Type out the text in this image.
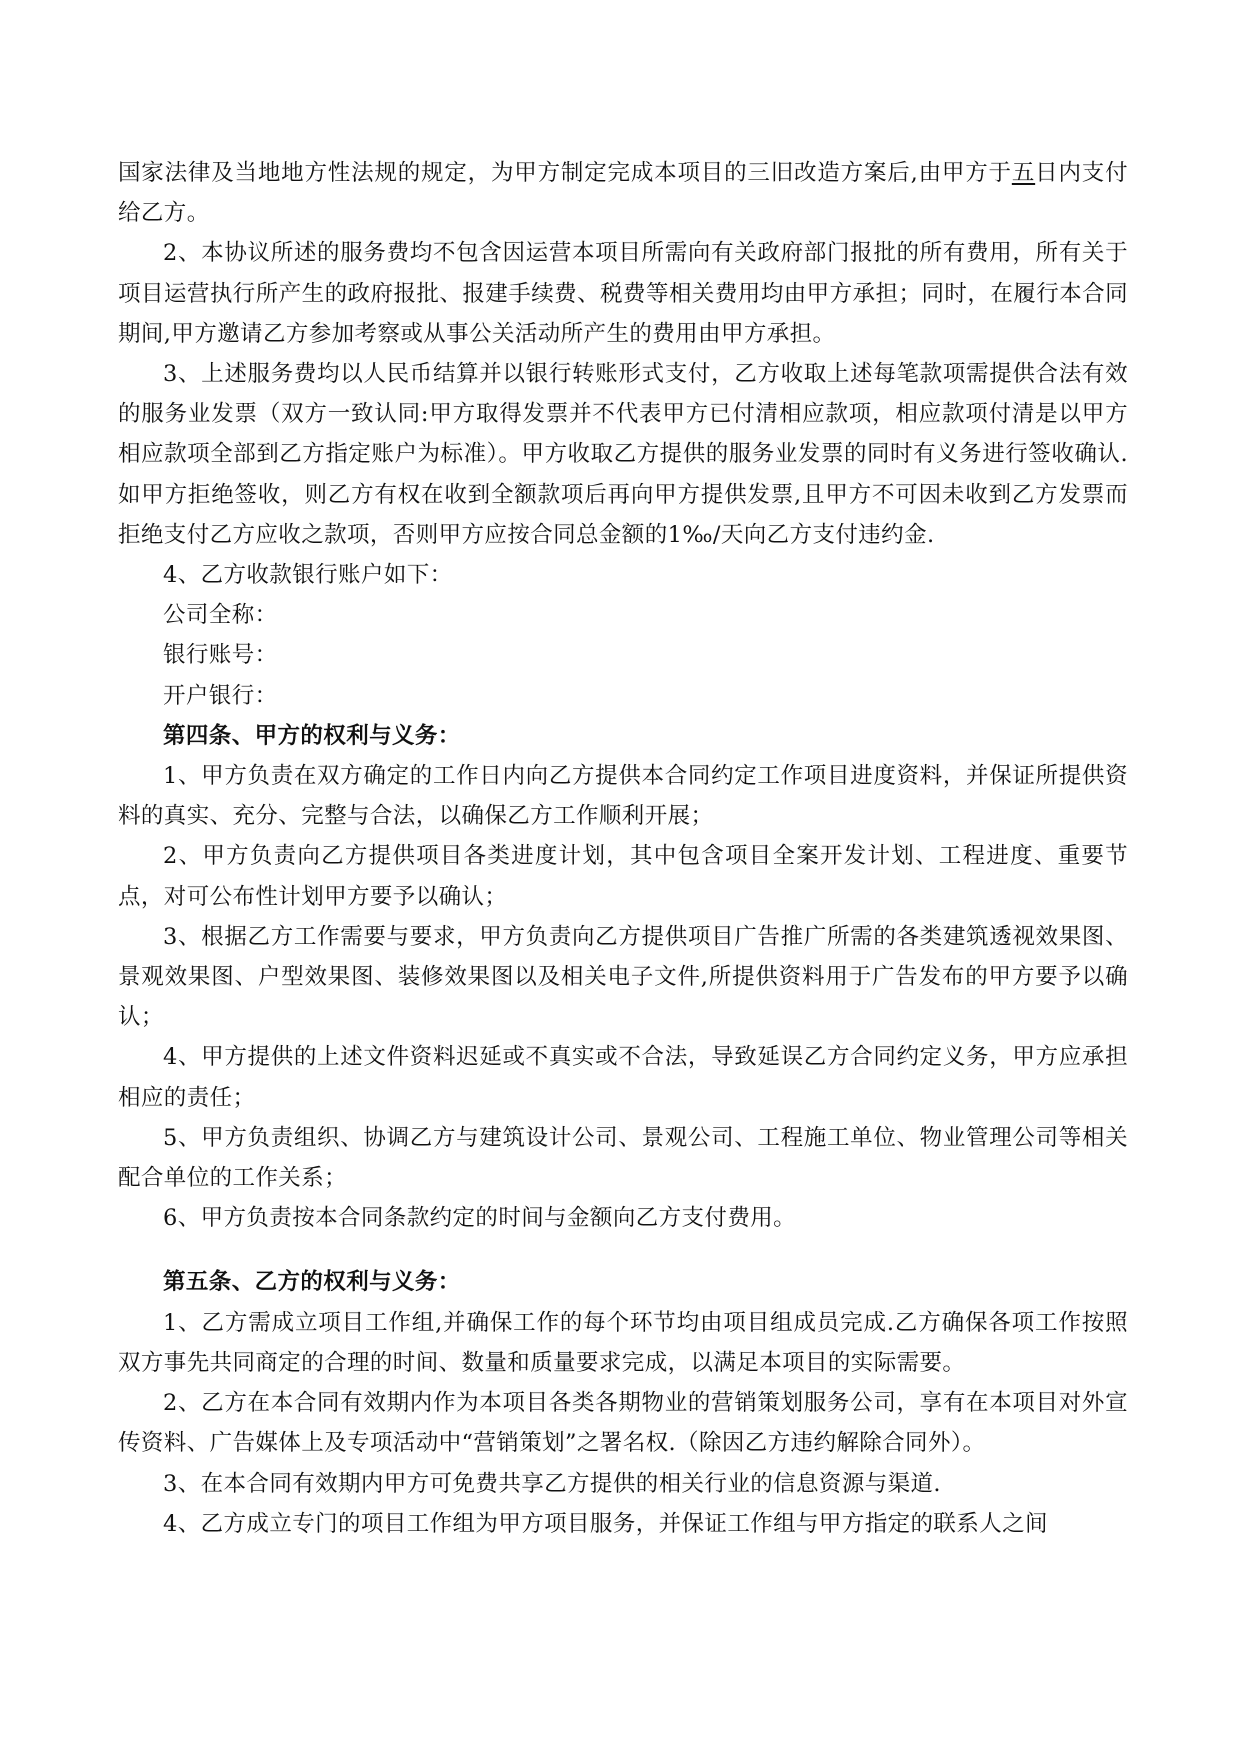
国家法律及当地地方性法规的规定，为甲方制定完成本项目的三旧改造方案后,由甲方于五日内支付给乙方。

2、本协议所述的服务费均不包含因运营本项目所需向有关政府部门报批的所有费用，所有关于项目运营执行所产生的政府报批、报建手续费、税费等相关费用均由甲方承担；同时，在履行本合同期间,甲方邀请乙方参加考察或从事公关活动所产生的费用由甲方承担。

3、上述服务费均以人民币结算并以银行转账形式支付，乙方收取上述每笔款项需提供合法有效的服务业发票（双方一致认同:甲方取得发票并不代表甲方已付清相应款项，相应款项付清是以甲方相应款项全部到乙方指定账户为标准）。甲方收取乙方提供的服务业发票的同时有义务进行签收确认.如甲方拒绝签收，则乙方有权在收到全额款项后再向甲方提供发票,且甲方不可因未收到乙方发票而拒绝支付乙方应收之款项，否则甲方应按合同总金额的1‰/天向乙方支付违约金.

4、乙方收款银行账户如下：

公司全称：

银行账号：

开户银行：

第四条、甲方的权利与义务：

1、甲方负责在双方确定的工作日内向乙方提供本合同约定工作项目进度资料，并保证所提供资料的真实、充分、完整与合法，以确保乙方工作顺利开展；

2、甲方负责向乙方提供项目各类进度计划，其中包含项目全案开发计划、工程进度、重要节点，对可公布性计划甲方要予以确认；

3、根据乙方工作需要与要求，甲方负责向乙方提供项目广告推广所需的各类建筑透视效果图、景观效果图、户型效果图、装修效果图以及相关电子文件,所提供资料用于广告发布的甲方要予以确认；

4、甲方提供的上述文件资料迟延或不真实或不合法，导致延误乙方合同约定义务，甲方应承担相应的责任；

5、甲方负责组织、协调乙方与建筑设计公司、景观公司、工程施工单位、物业管理公司等相关配合单位的工作关系；

6、甲方负责按本合同条款约定的时间与金额向乙方支付费用。

第五条、乙方的权利与义务：

1、乙方需成立项目工作组,并确保工作的每个环节均由项目组成员完成.乙方确保各项工作按照双方事先共同商定的合理的时间、数量和质量要求完成，以满足本项目的实际需要。

2、乙方在本合同有效期内作为本项目各类各期物业的营销策划服务公司，享有在本项目对外宣传资料、广告媒体上及专项活动中“营销策划”之署名权.（除因乙方违约解除合同外）。

3、在本合同有效期内甲方可免费共享乙方提供的相关行业的信息资源与渠道.

4、乙方成立专门的项目工作组为甲方项目服务，并保证工作组与甲方指定的联系人之间
